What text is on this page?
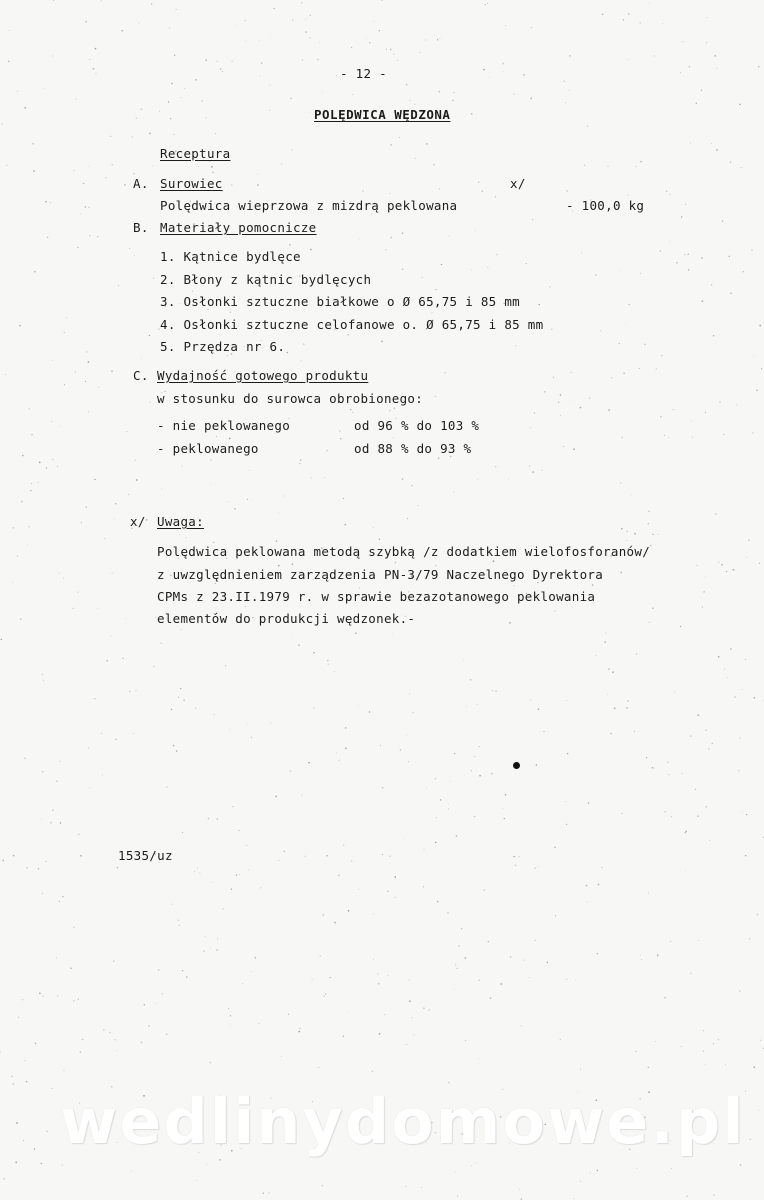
- 12 -
POLĘDWICA WĘDZONA
Receptura
A. Surowiec	x/
Polędwica wieprzowa z mizdrą peklowana	- 100,0 kg
B. Materiały pomocnicze
1. Kątnice bydlęce
2. Błony z kątnic bydlęcych
3. Osłonki sztuczne białkowe o Ø 65,75 i 85 mm
4. Osłonki sztuczne celofanowe o. Ø 65,75 i 85 mm
5. Przędza nr 6.
C. Wydajność gotowego produktu
w stosunku do surowca obrobionego:
- nie peklowanego	od 96 % do 103 %
- peklowanego	od 88 % do 93 %
x/ Uwaga:
Polędwica peklowana metodą szybką /z dodatkiem wielofosforanów/
z uwzględnieniem zarządzenia PN-3/79 Naczelnego Dyrektora
CPMs z 23.II.1979 r. w sprawie bezazotanowego peklowania
elementów do produkcji wędzonek.-
1535/uz
wedlinydomowe.pl
